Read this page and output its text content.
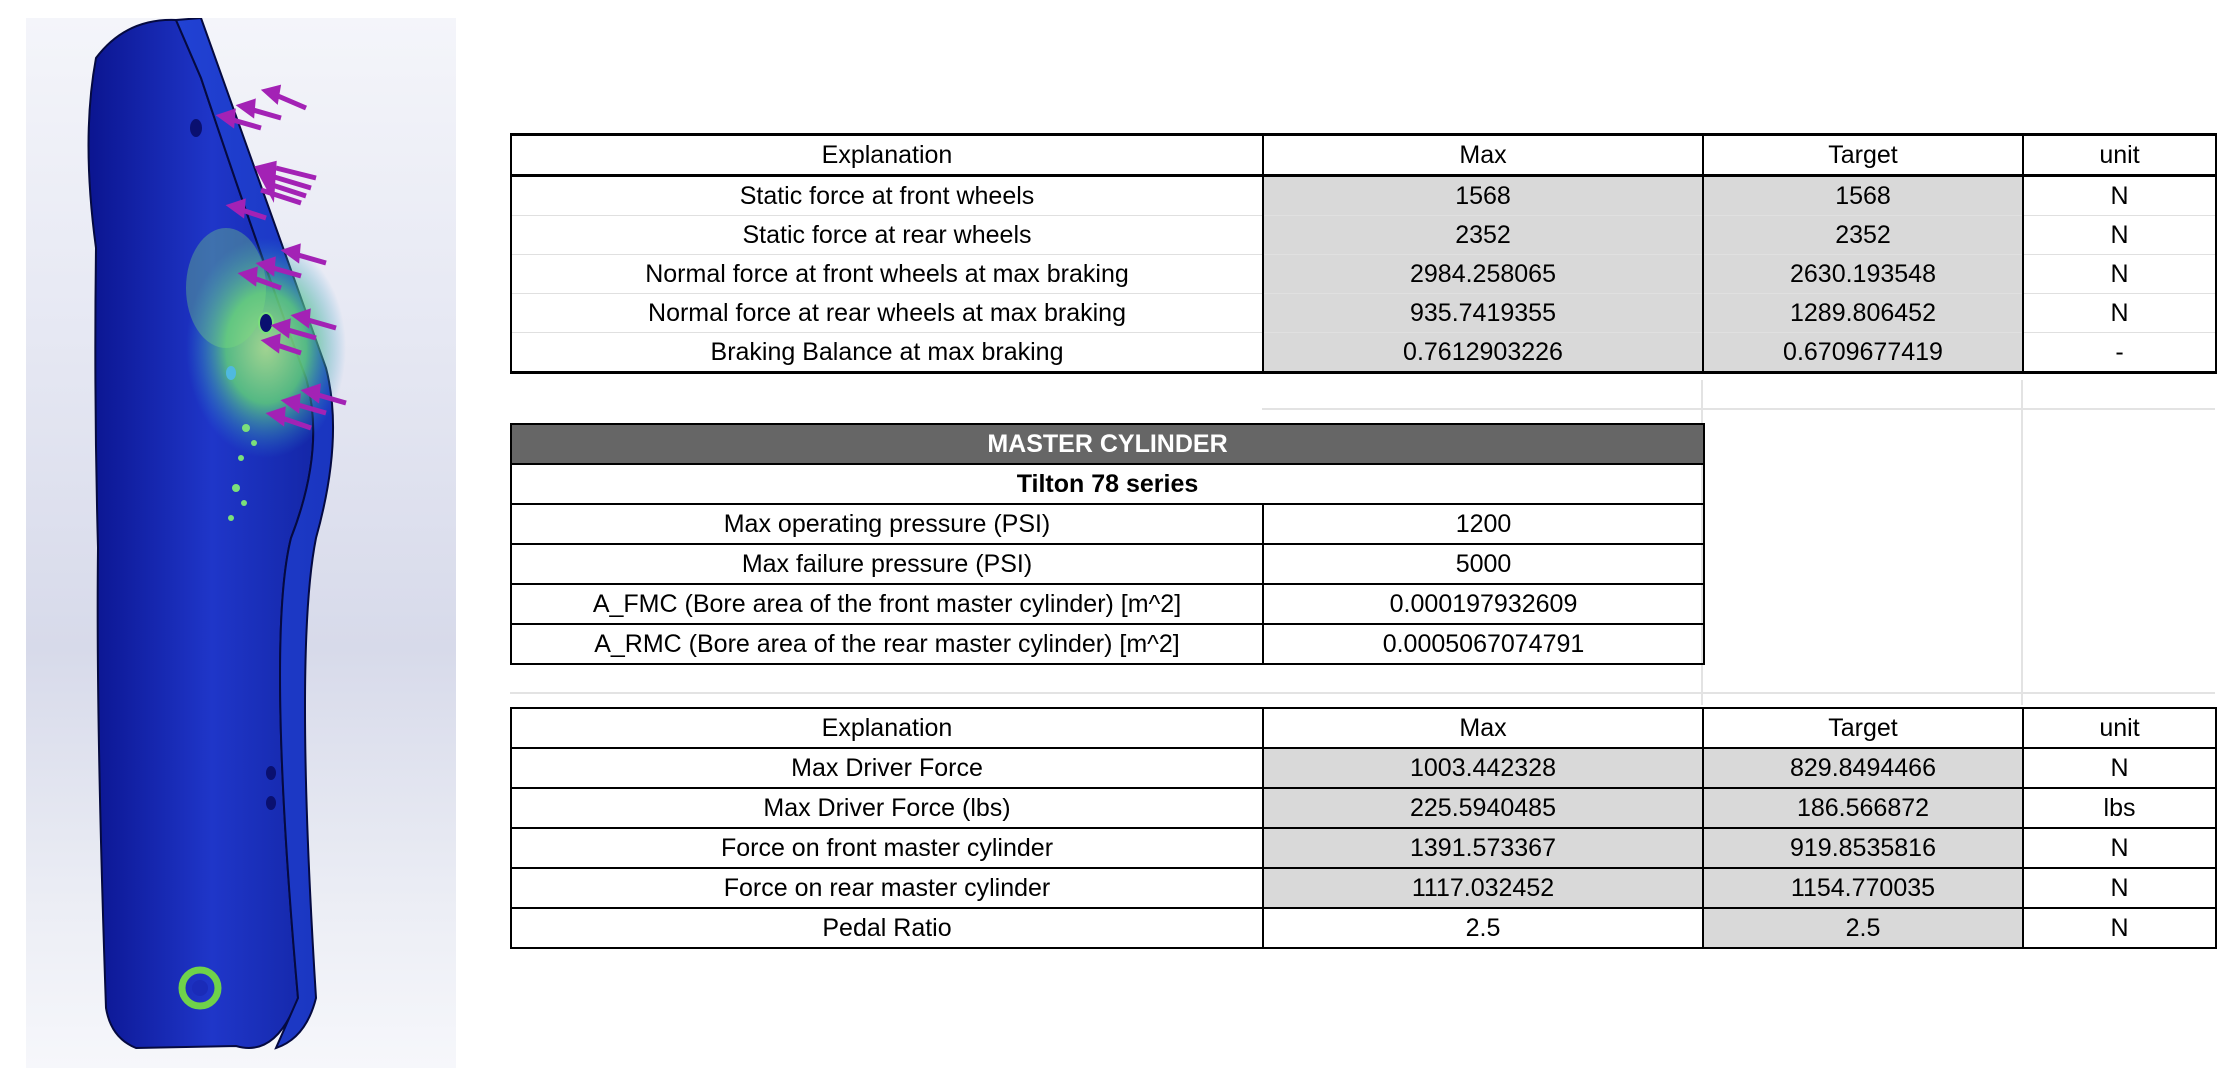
Explanation	Max	Target	unit
Static force at front wheels	1568	1568	N
Static force at rear wheels	2352	2352	N
Normal force at front wheels at max braking	2984.258065	2630.193548	N
Normal force at rear wheels at max braking	935.7419355	1289.806452	N
Braking Balance at max braking	0.7612903226	0.6709677419	-
MASTER CYLINDER	
Tilton 78 series	
Max operating pressure (PSI)	1200
Max failure pressure (PSI)	5000
A_FMC (Bore area of the front master cylinder) [m^2]	0.000197932609
A_RMC (Bore area of the rear master cylinder) [m^2]	0.0005067074791
Explanation	Max	Target	unit
Max Driver Force	1003.442328	829.8494466	N
Max Driver Force (lbs)	225.5940485	186.566872	lbs
Force on front master cylinder	1391.573367	919.8535816	N
Force on rear master cylinder	1117.032452	1154.770035	N
Pedal Ratio	2.5	2.5	N
